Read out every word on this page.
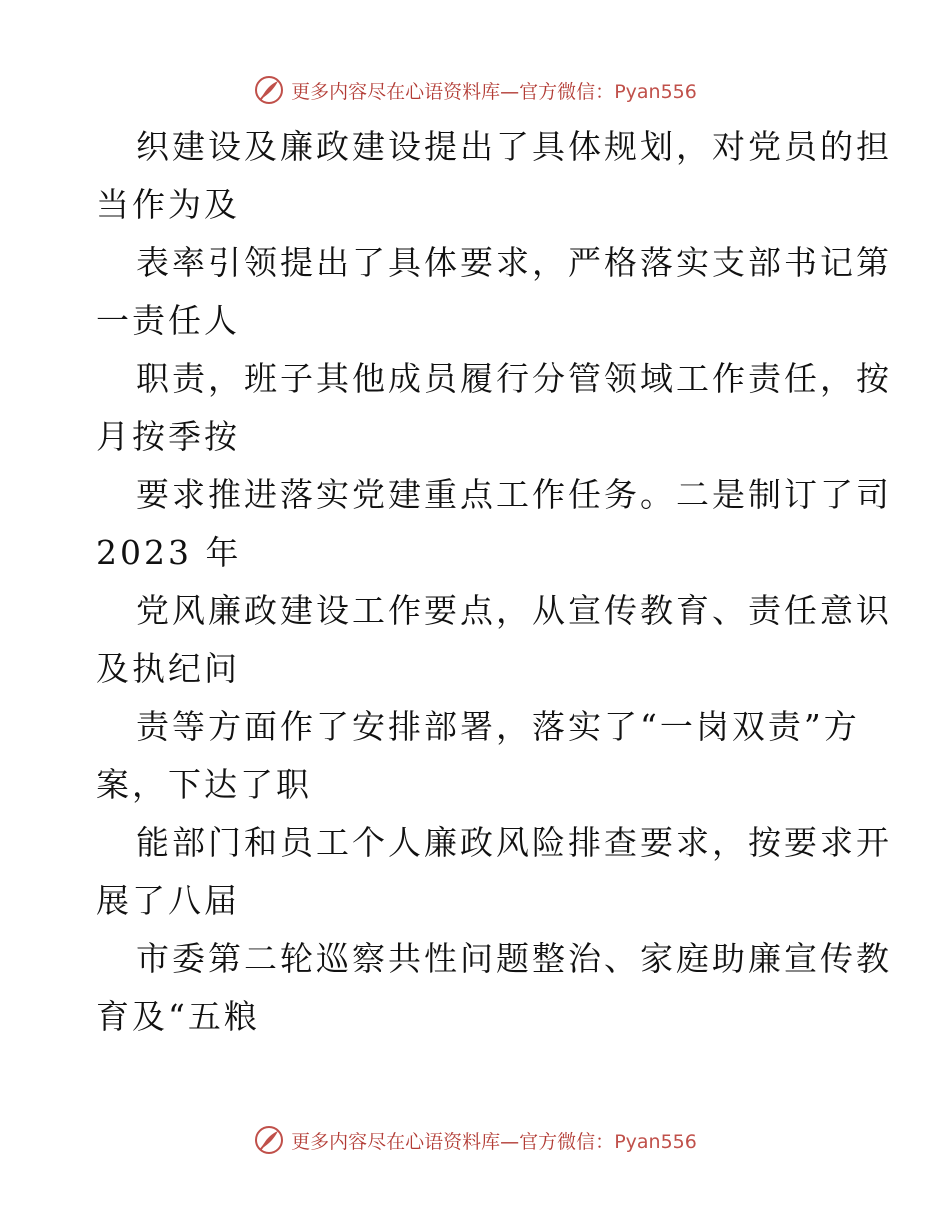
更多内容尽在心语资料库—官方微信：Pyan556
织建设及廉政建设提出了具体规划，对党员的担
当作为及
表率引领提出了具体要求，严格落实支部书记第
一责任人
职责，班子其他成员履行分管领域工作责任，按
月按季按
要求推进落实党建重点工作任务。二是制订了司
2023 年
党风廉政建设工作要点，从宣传教育、责任意识
及执纪问
责等方面作了安排部署，落实了“一岗双责”方
案，下达了职
能部门和员工个人廉政风险排查要求，按要求开
展了八届
市委第二轮巡察共性问题整治、家庭助廉宣传教
育及“五粮
更多内容尽在心语资料库—官方微信：Pyan556
